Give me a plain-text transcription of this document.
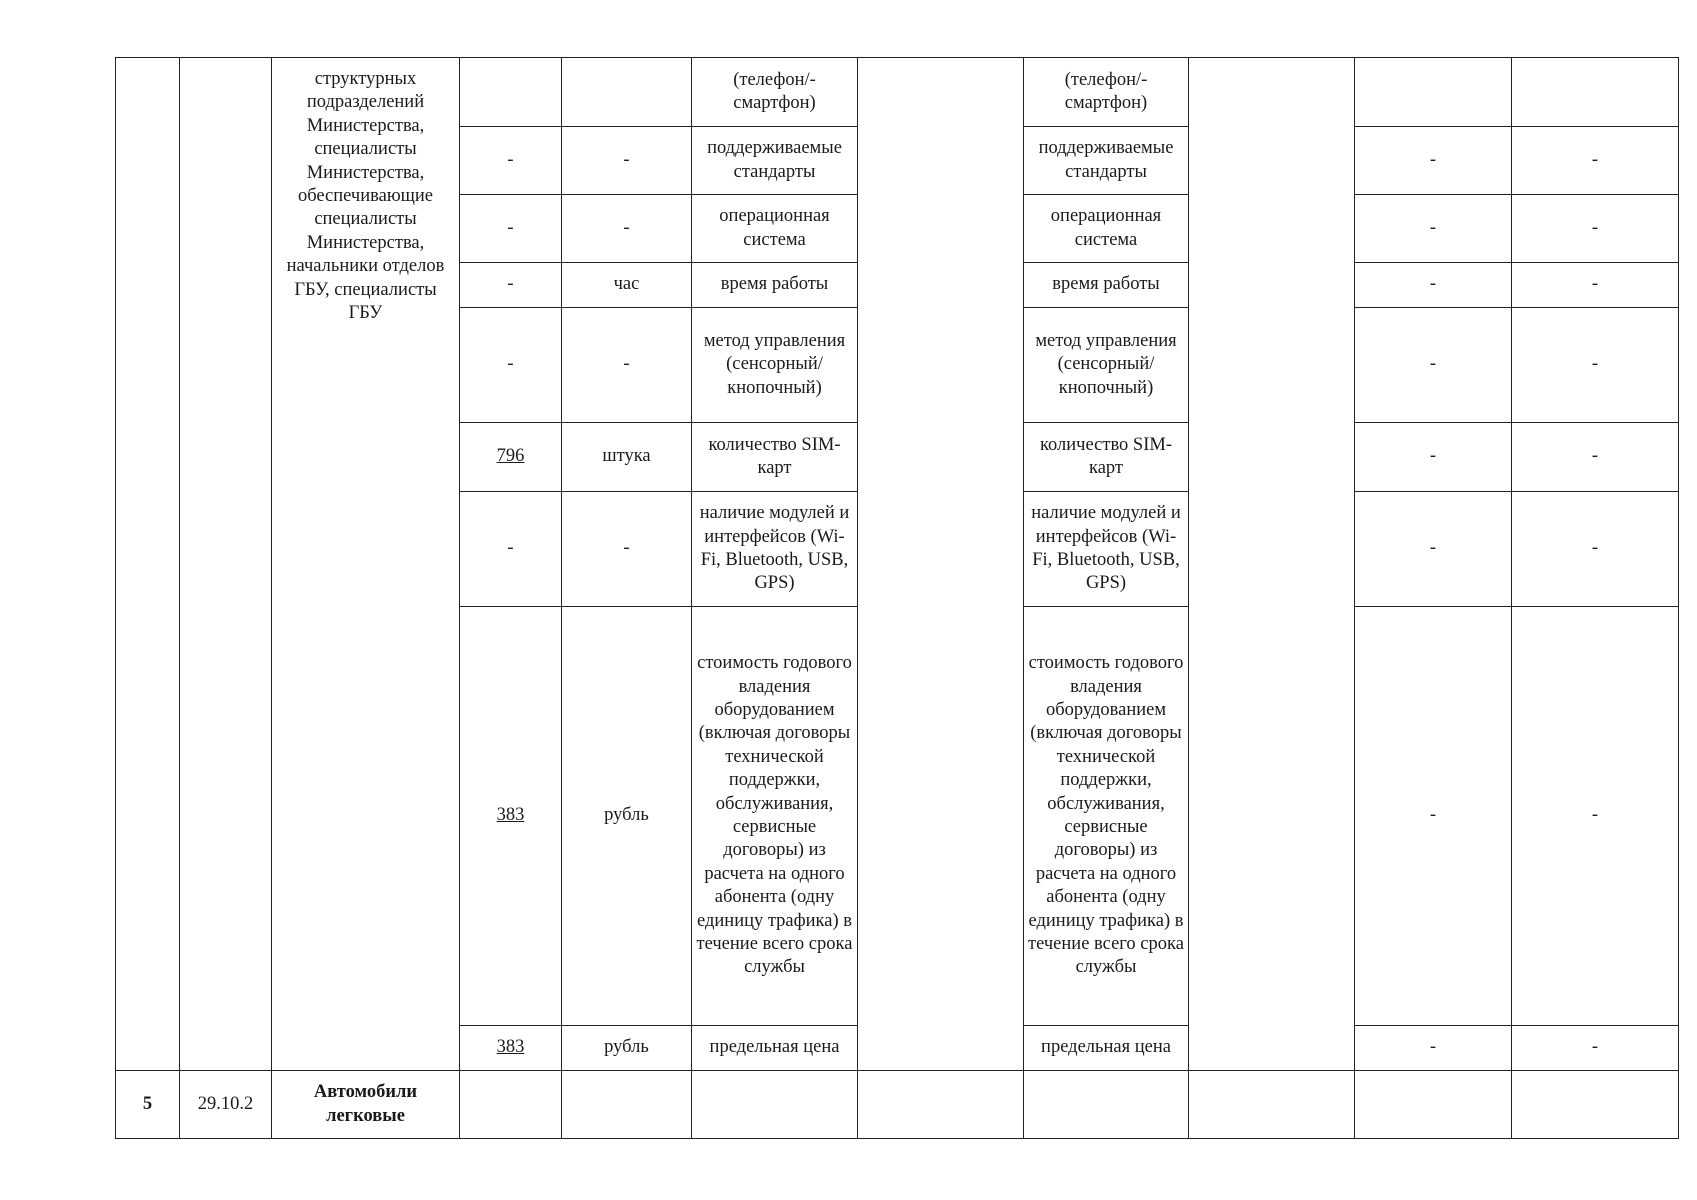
		структурных подразделений Министерства, специалисты Министерства, обеспечивающие специалисты Министерства, начальники отделов ГБУ, специалисты ГБУ			(телефон/-смартфон)		(телефон/-смартфон)			
			-	-	поддерживаемые стандарты		поддерживаемые стандарты		-	-
			-	-	операционная система		операционная система		-	-
			-	час	время работы		время работы		-	-
			-	-	метод управления (сенсорный/кнопочный)		метод управления (сенсорный/кнопочный)		-	-
			796	штука	количество SIM-карт		количество SIM-карт		-	-
			-	-	наличие модулей и интерфейсов (Wi-Fi, Bluetooth, USB, GPS)		наличие модулей и интерфейсов (Wi-Fi, Bluetooth, USB, GPS)		-	-
			383	рубль	стоимость годового владения оборудованием (включая договоры технической поддержки, обслуживания, сервисные договоры) из расчета на одного абонента (одну единицу трафика) в течение всего срока службы		стоимость годового владения оборудованием (включая договоры технической поддержки, обслуживания, сервисные договоры) из расчета на одного абонента (одну единицу трафика) в течение всего срока службы		-	-
			383	рубль	предельная цена		предельная цена		-	-
5	29.10.2	Автомобили легковые								
